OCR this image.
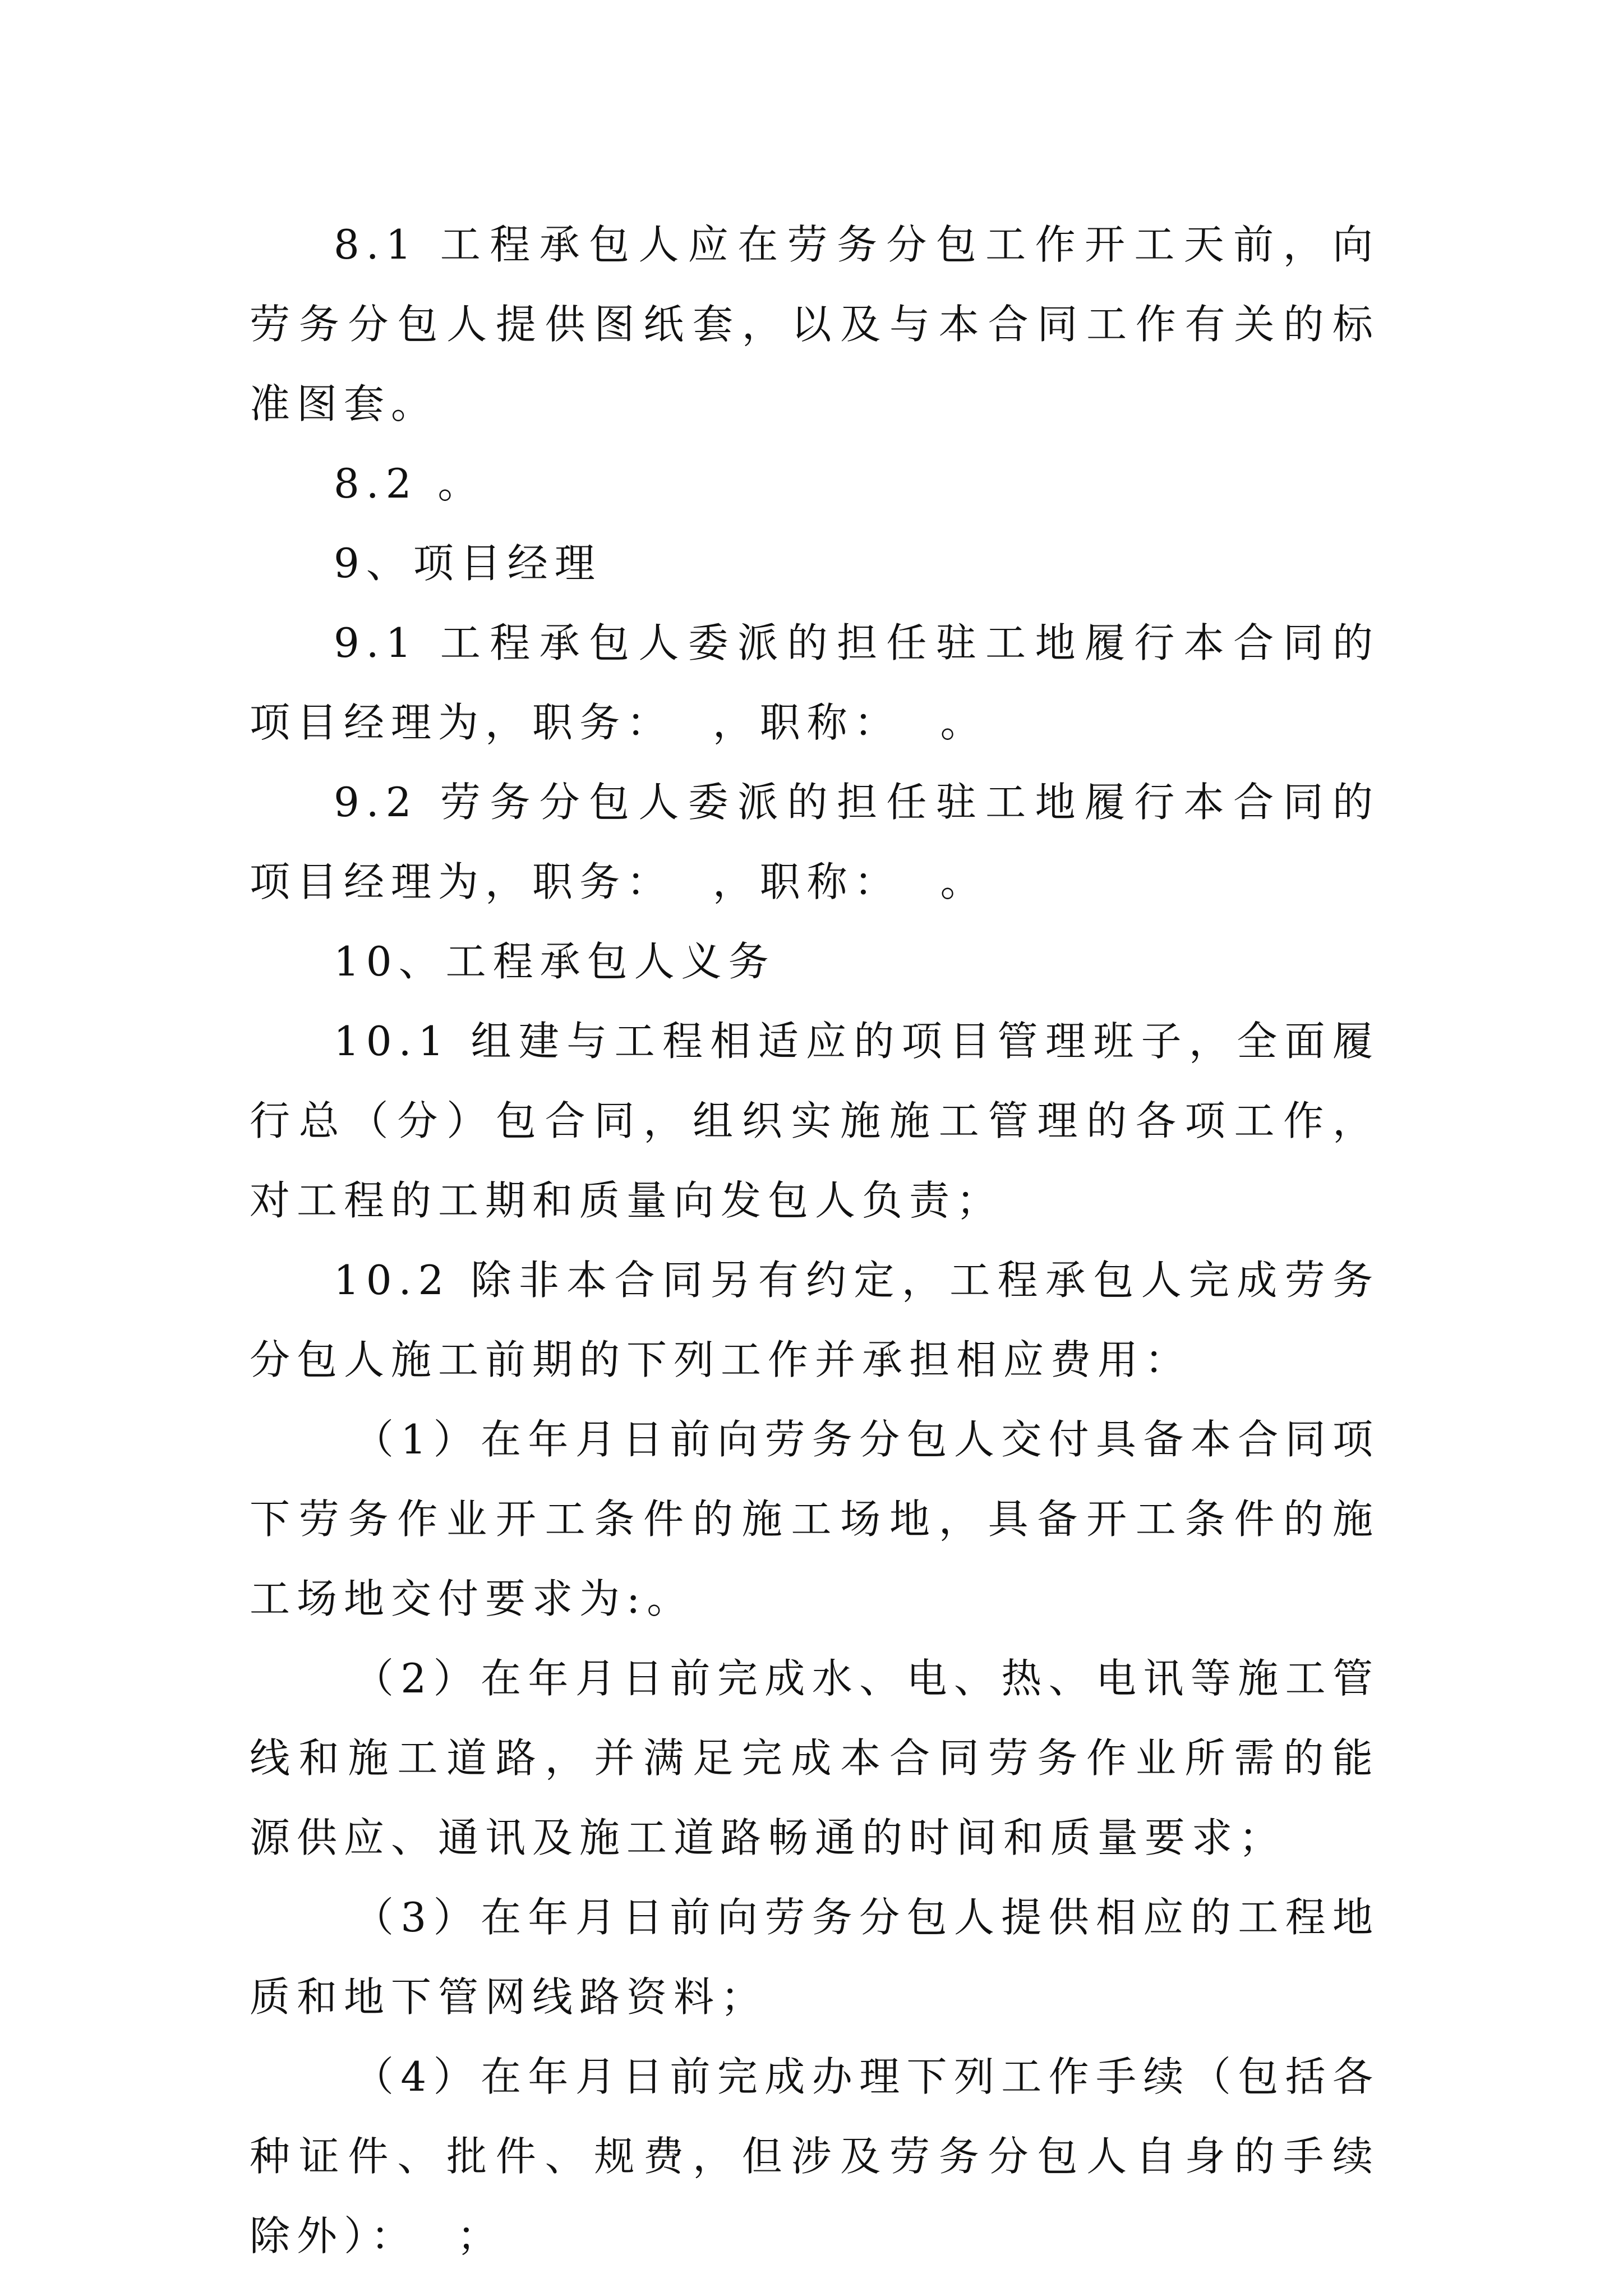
8.1 工程承包人应在劳务分包工作开工天前，向劳务分包人提供图纸套，以及与本合同工作有关的标准图套。

8.2 。

9、项目经理

9.1 工程承包人委派的担任驻工地履行本合同的项目经理为，职务：  ，职称：  。

9.2 劳务分包人委派的担任驻工地履行本合同的项目经理为，职务：  ，职称：  。

10、工程承包人义务

10.1 组建与工程相适应的项目管理班子，全面履行总（分）包合同，组织实施施工管理的各项工作，对工程的工期和质量向发包人负责；

10.2 除非本合同另有约定，工程承包人完成劳务分包人施工前期的下列工作并承担相应费用：

（1）在年月日前向劳务分包人交付具备本合同项下劳务作业开工条件的施工场地，具备开工条件的施工场地交付要求为:。

（2）在年月日前完成水、电、热、电讯等施工管线和施工道路，并满足完成本合同劳务作业所需的能源供应、通讯及施工道路畅通的时间和质量要求；

（3）在年月日前向劳务分包人提供相应的工程地质和地下管网线路资料；

（4）在年月日前完成办理下列工作手续（包括各种证件、批件、规费，但涉及劳务分包人自身的手续除外）：  ；
